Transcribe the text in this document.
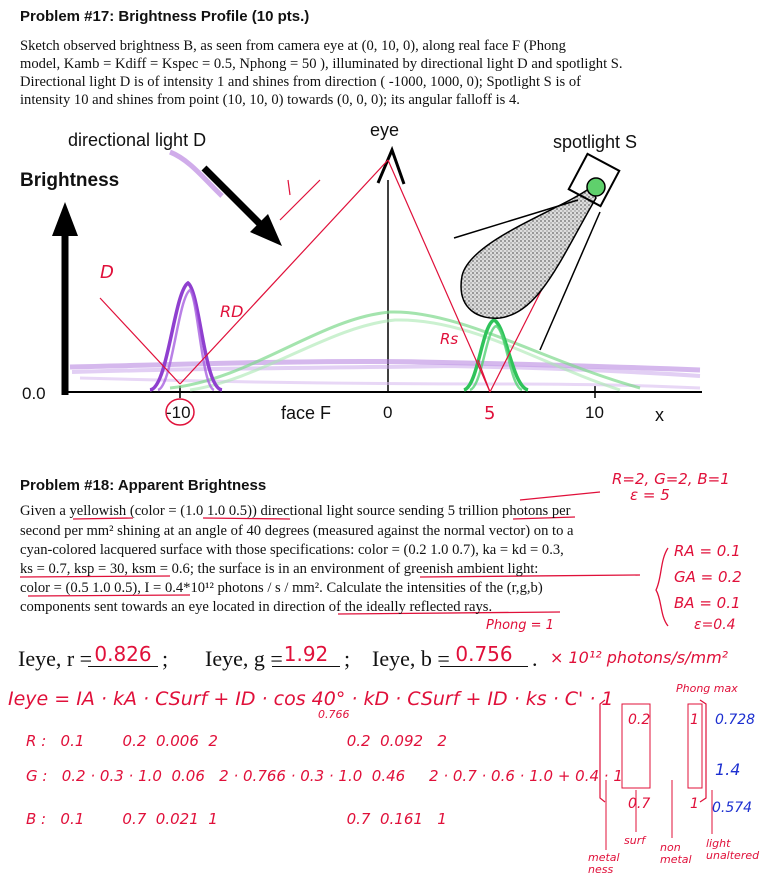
Problem #17: Brightness Profile (10 pts.)
Sketch observed brightness B, as seen from camera eye at (0, 10, 0), along real face F (Phong
model, Kamb = Kdiff = Kspec = 0.5, Nphong = 50 ), illuminated by directional light D and spotlight S.
Directional light D is of intensity 1 and shines from direction ( -1000, 1000, 0); Spotlight S is of
intensity 10 and shines from point (10, 10, 0) towards (0, 0, 0); its angular falloff is 4.
directional light D	eye
spotlight S
Brightness
0.0
face F	x
-10	0	5	10
D
RD
Rs
Problem #18: Apparent Brightness
Given a yellowish (color = (1.0 1.0 0.5)) directional light source sending 5 trillion photons per
second per mm² shining at an angle of 40 degrees (measured against the normal vector) on to a
cyan-colored lacquered surface with those specifications: color = (0.2 1.0 0.7), ka = kd = 0.3,
ks = 0.7, ksp = 30, ksm = 0.6; the surface is in an environment of greenish ambient light:
color = (0.5 1.0 0.5), I = 0.4*10¹² photons / s / mm². Calculate the intensities of the (r,g,b)
components sent towards an eye located in direction of the ideally reflected rays.
R=2, G=2, B=1
ε = 5
RA = 0.1
GA = 0.2
BA = 0.1
ε=0.4
Phong = 1
Ieye, r = 0.826 ; Ieye, g = 1.92 ; Ieye, b = 0.756 . × 10¹² photons/s/mm²
Ieye = IA · kA · CSurf + ID · cos 40° · kD · CSurf + ID · ks · C' · 1
0.766
Phong max
R :   0.1        0.2  0.006  2                           0.2  0.092   2
G :   0.2 · 0.3 · 1.0  0.06   2 · 0.766 · 0.3 · 1.0  0.46     2 · 0.7 · 0.6 · 1.0 + 0.4 · 1
B :   0.1        0.7  0.021  1                           0.7  0.161   1
0.2	1
0.7	1
0.728
1.4
0.574
metal ness
surf
non metal
light unaltered
